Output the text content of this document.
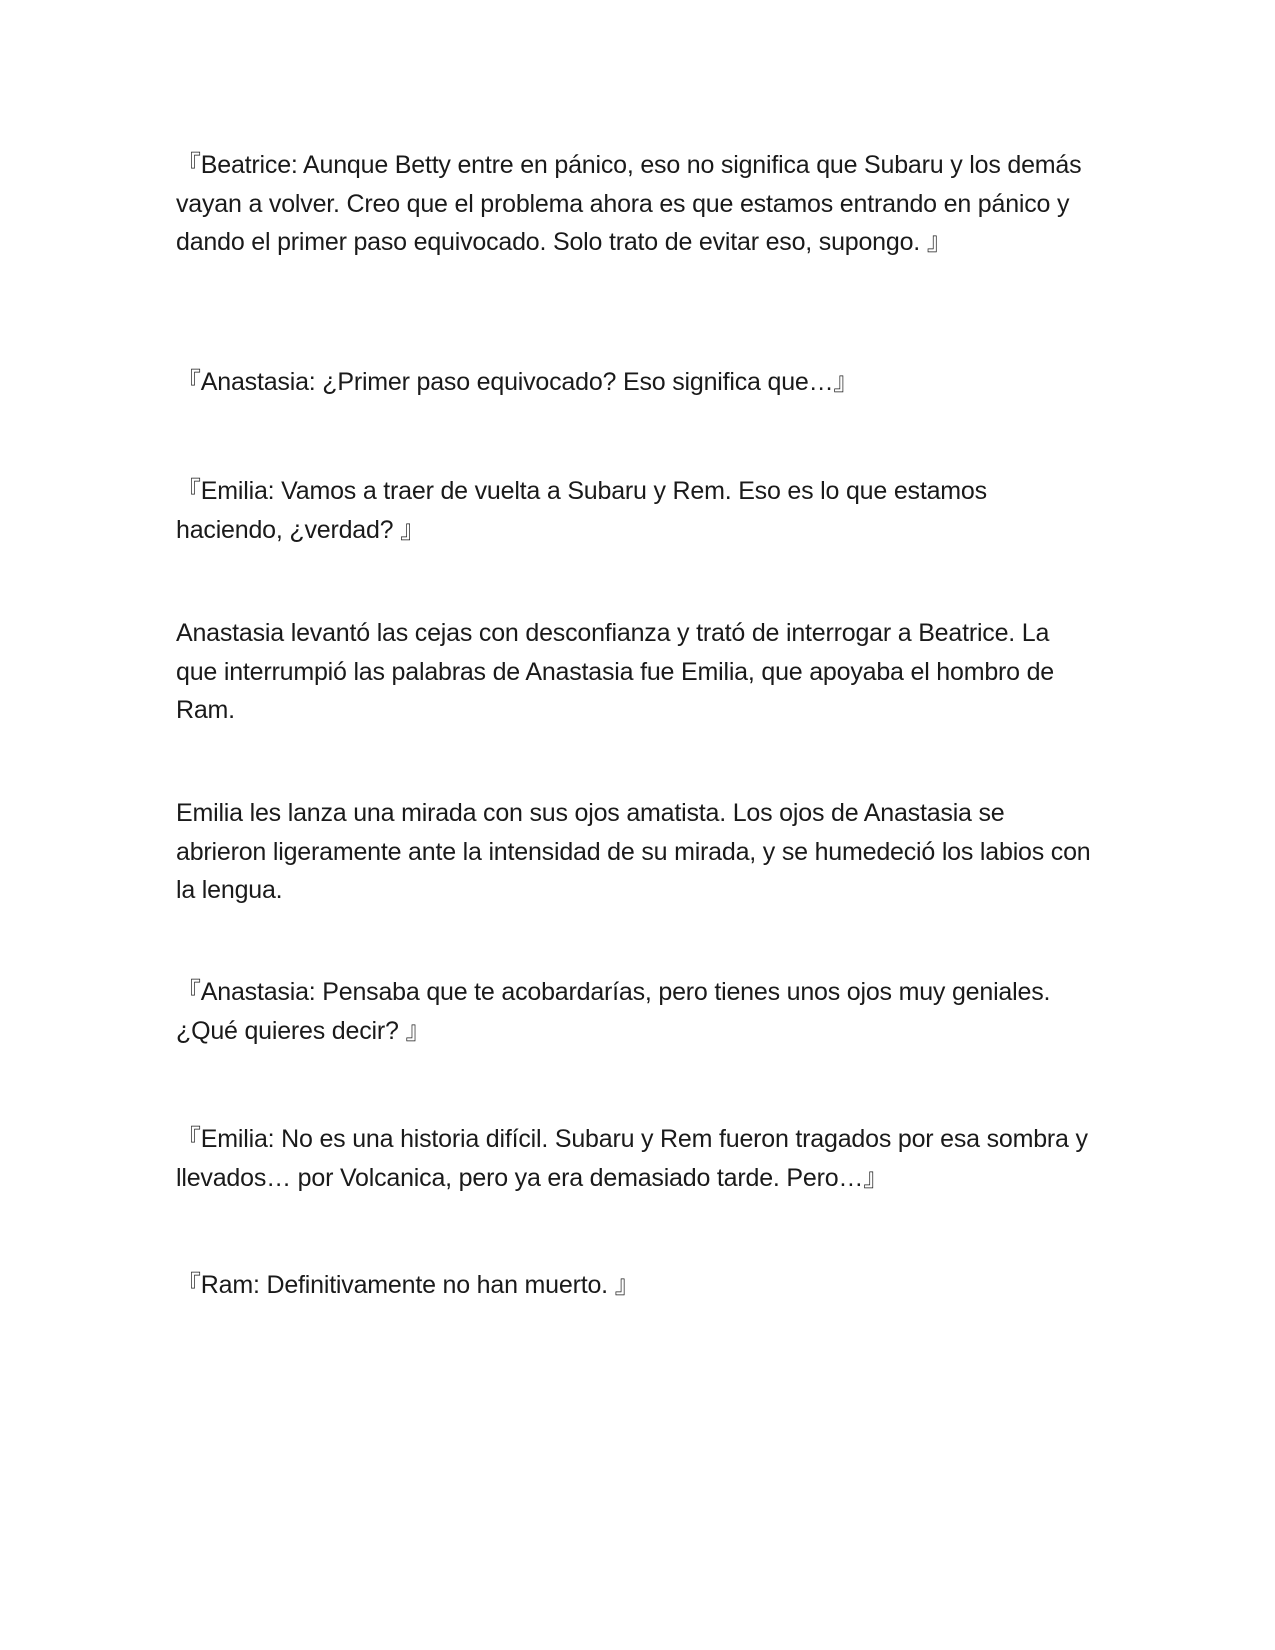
『Beatrice: Aunque Betty entre en pánico, eso no significa que Subaru y los demás vayan a volver. Creo que el problema ahora es que estamos entrando en pánico y dando el primer paso equivocado. Solo trato de evitar eso, supongo. 』

『Anastasia: ¿Primer paso equivocado? Eso significa que…』

『Emilia: Vamos a traer de vuelta a Subaru y Rem. Eso es lo que estamos haciendo, ¿verdad? 』

Anastasia levantó las cejas con desconfianza y trató de interrogar a Beatrice. La que interrumpió las palabras de Anastasia fue Emilia, que apoyaba el hombro de Ram.

Emilia les lanza una mirada con sus ojos amatista. Los ojos de Anastasia se abrieron ligeramente ante la intensidad de su mirada, y se humedeció los labios con la lengua.

『Anastasia: Pensaba que te acobardarías, pero tienes unos ojos muy geniales. ¿Qué quieres decir? 』

『Emilia: No es una historia difícil. Subaru y Rem fueron tragados por esa sombra y llevados… por Volcanica, pero ya era demasiado tarde. Pero…』

『Ram: Definitivamente no han muerto. 』
